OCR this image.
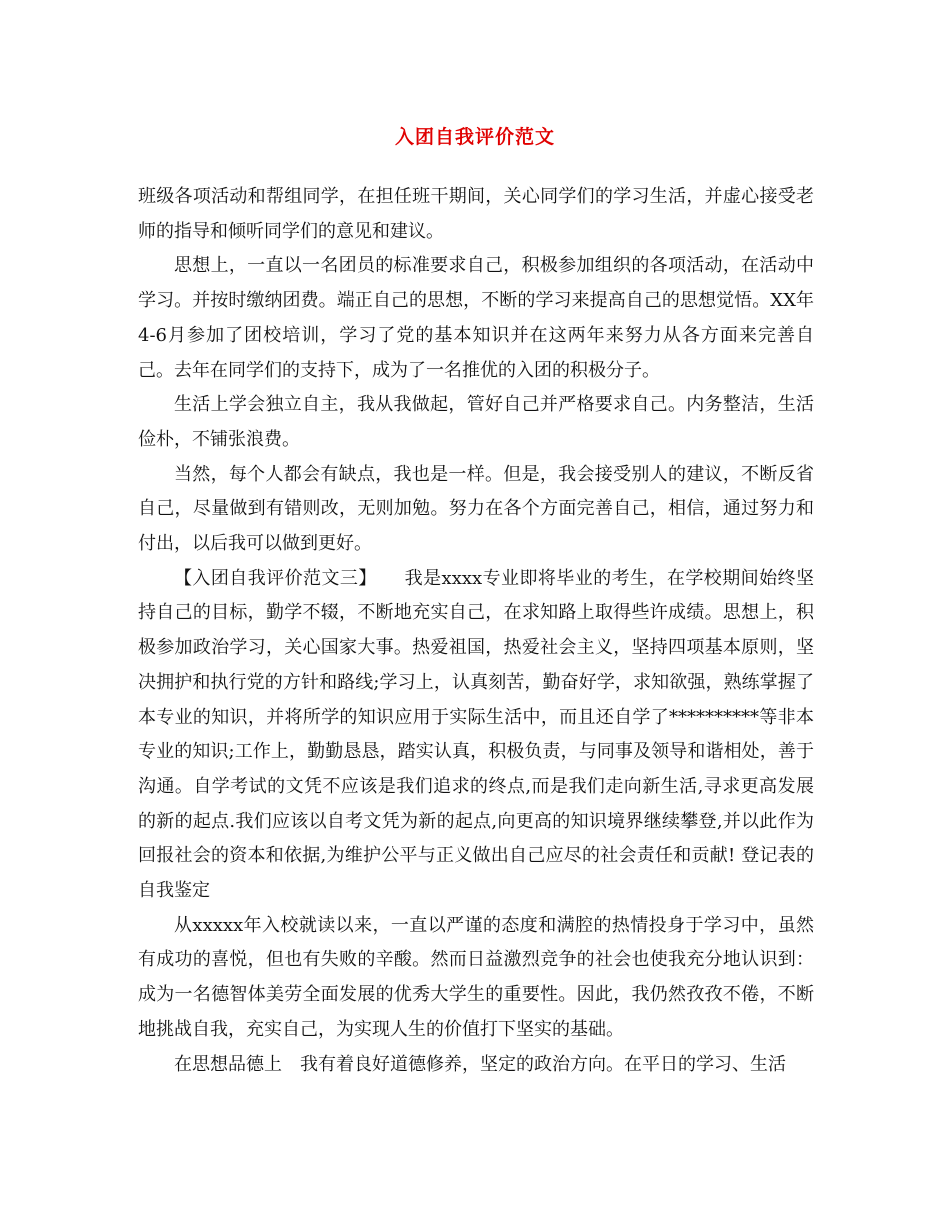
入团自我评价范文

班级各项活动和帮组同学，在担任班干期间，关心同学们的学习生活，并虚心接受老师的指导和倾听同学们的意见和建议。

思想上，一直以一名团员的标准要求自己，积极参加组织的各项活动，在活动中学习。并按时缴纳团费。端正自己的思想，不断的学习来提高自己的思想觉悟。XX年4-6月参加了团校培训，学习了党的基本知识并在这两年来努力从各方面来完善自己。去年在同学们的支持下，成为了一名推优的入团的积极分子。

生活上学会独立自主，我从我做起，管好自己并严格要求自己。内务整洁，生活俭朴，不铺张浪费。

当然，每个人都会有缺点，我也是一样。但是，我会接受别人的建议，不断反省自己，尽量做到有错则改，无则加勉。努力在各个方面完善自己，相信，通过努力和付出，以后我可以做到更好。

【入团自我评价范文三】　　我是xxxx专业即将毕业的考生，在学校期间始终坚持自己的目标，勤学不辍，不断地充实自己，在求知路上取得些许成绩。思想上，积极参加政治学习，关心国家大事。热爱祖国，热爱社会主义，坚持四项基本原则，坚决拥护和执行党的方针和路线;学习上，认真刻苦，勤奋好学，求知欲强，熟练掌握了本专业的知识，并将所学的知识应用于实际生活中，而且还自学了**********等非本专业的知识;工作上，勤勤恳恳，踏实认真，积极负责，与同事及领导和谐相处，善于沟通。自学考试的文凭不应该是我们追求的终点,而是我们走向新生活,寻求更高发展的新的起点.我们应该以自考文凭为新的起点,向更高的知识境界继续攀登,并以此作为回报社会的资本和依据,为维护公平与正义做出自己应尽的社会责任和贡献! 登记表的自我鉴定

从xxxxx年入校就读以来，一直以严谨的态度和满腔的热情投身于学习中，虽然有成功的喜悦，但也有失败的辛酸。然而日益激烈竞争的社会也使我充分地认识到：成为一名德智体美劳全面发展的优秀大学生的重要性。因此，我仍然孜孜不倦，不断地挑战自我，充实自己，为实现人生的价值打下坚实的基础。

在思想品德上　我有着良好道德修养，坚定的政治方向。在平日的学习、生活
